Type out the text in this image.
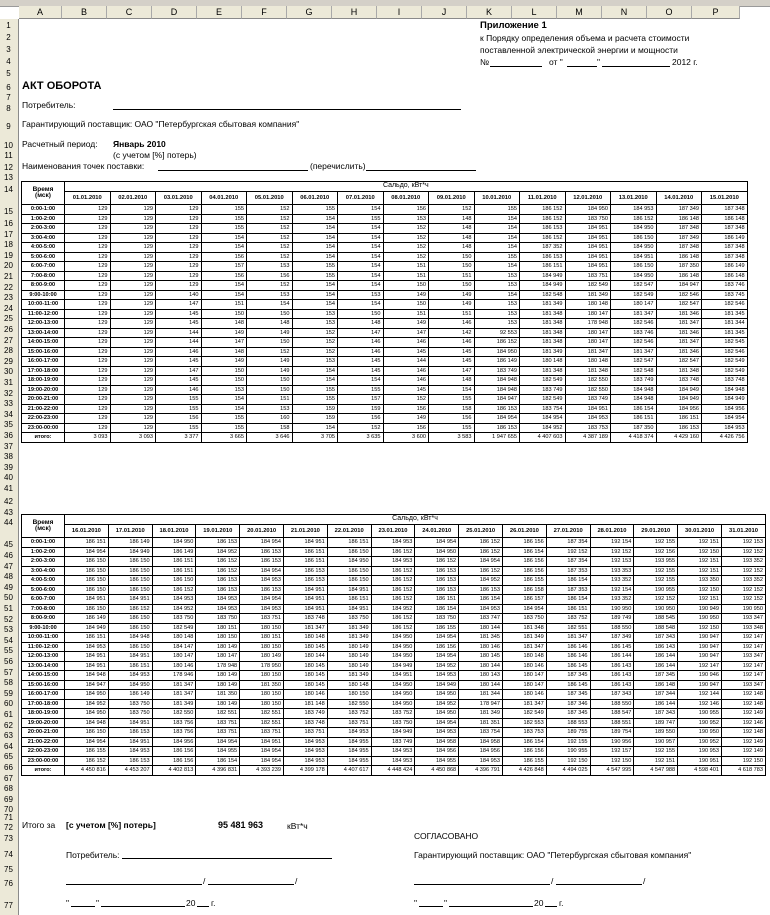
A	B	C	D	E	F	G	H	I	J	K	L	M	N	O	P
1
2
3
4
5
6
7
8
9
10
11
12
13
14
15
16
17
18
19
20
21
22
23
24
25
26
27
28
29
30
31
32
33
34
35
36
37
38
39
40
41
42
43
44
45
46
47
48
49
50
51
52
53
54
55
56
57
58
59
60
61
62
63
64
65
66
67
68
69
70
71
72
73
74
75
76
77
Приложение 1
к Порядку определения объема и расчета стоимости
поставленной электрической энергии и мощности
№	от "	"	2012 г.
АКТ ОБОРОТА
Потребитель:
Гарантирующий поставщик: ОАО "Петербургская сбытовая компания"
Расчетный период: Январь 2010
(с учетом [%] потерь)
Наименования точек поставки:	(перечислить)
Время (мск)	Сальдо, кВт*ч														
	01.01.2010	02.01.2010	03.01.2010	04.01.2010	05.01.2010	06.01.2010	07.01.2010	08.01.2010	09.01.2010	10.01.2010	11.01.2010	12.01.2010	13.01.2010	14.01.2010	15.01.2010
0:00-1:00	129	129	129	155	152	155	154	156	152	155	186 152	184 950	184 953	187 349	187 348
1:00-2:00	129	129	129	155	152	154	155	153	148	154	186 152	183 750	186 152	186 148	186 148
2:00-3:00	129	129	129	155	152	154	154	152	148	154	186 153	184 951	184 950	187 348	187 348
3:00-4:00	129	129	129	154	152	154	154	152	148	154	186 152	184 951	186 150	187 349	186 149
4:00-5:00	129	129	129	154	152	154	154	152	148	154	187 352	184 951	184 950	187 348	187 348
5:00-6:00	129	129	129	156	152	154	154	152	150	155	186 153	184 951	184 951	186 148	187 348
6:00-7:00	129	129	129	157	153	155	154	151	150	154	186 151	184 951	186 150	187 350	186 149
7:00-8:00	129	129	129	156	156	155	154	151	151	153	184 949	183 751	184 950	186 148	186 148
8:00-9:00	129	129	129	154	152	154	154	150	150	153	184 949	182 549	182 547	184 947	183 746
9:00-10:00	129	129	140	154	153	154	153	149	149	154	182 548	181 349	182 549	182 546	183 745
10:00-11:00	129	129	147	151	154	154	154	150	149	153	181 349	180 148	180 147	182 547	182 546
11:00-12:00	129	129	145	150	150	153	150	151	151	153	181 348	180 147	181 347	181 346	181 345
12:00-13:00	129	129	145	148	148	153	148	149	146	153	181 348	178 948	182 546	181 347	181 344
13:00-14:00	129	129	144	149	149	152	147	147	142	92 553	181 348	180 147	183 746	181 346	181 345
14:00-15:00	129	129	144	147	150	152	146	146	146	186 152	181 348	180 147	182 546	181 347	182 545
15:00-16:00	129	129	146	148	152	152	146	145	145	184 950	181 349	181 347	181 347	181 346	182 546
16:00-17:00	129	129	145	149	149	153	145	144	145	186 149	180 148	180 148	182 547	182 547	182 549
17:00-18:00	129	129	147	150	149	154	145	146	147	183 749	181 348	181 348	182 548	181 348	182 549
18:00-19:00	129	129	145	150	150	154	154	146	148	184 948	182 549	182 550	183 749	183 748	183 748
19:00-20:00	129	129	146	153	150	155	155	145	154	184 948	183 749	182 550	184 948	184 949	184 948
20:00-21:00	129	129	155	154	151	155	157	152	155	184 947	182 549	183 749	184 948	184 949	184 949
21:00-22:00	129	129	155	154	153	159	159	156	158	186 153	183 754	184 951	186 154	184 956	184 956
22:00-23:00	129	129	156	155	160	159	156	149	156	184 954	184 954	184 953	186 151	186 151	184 954
23:00-00:00	129	129	155	155	158	154	152	156	155	186 153	184 952	183 753	187 350	186 153	184 953
итого:	3 093	3 093	3 377	3 665	3 646	3 705	3 635	3 600	3 583	1 947 655	4 407 603	4 387 189	4 418 374	4 429 160	4 426 756
Время (мск)	Сальдо, кВт*ч															
	16.01.2010	17.01.2010	18.01.2010	19.01.2010	20.01.2010	21.01.2010	22.01.2010	23.01.2010	24.01.2010	25.01.2010	26.01.2010	27.01.2010	28.01.2010	29.01.2010	30.01.2010	31.01.2010
0:00-1:00	186 151	186 149	184 950	186 153	184 954	184 951	186 151	184 953	184 954	186 152	186 156	187 354	192 154	192 155	192 151	192 153
1:00-2:00	184 954	184 949	186 149	184 952	186 153	186 151	186 150	186 152	184 950	186 152	186 154	192 152	192 152	192 156	192 150	192 152
2:00-3:00	186 150	186 150	186 151	186 152	186 153	186 151	184 950	184 953	186 152	184 954	186 156	187 354	192 153	193 955	192 151	193 352
3:00-4:00	186 150	186 150	186 151	186 152	184 954	186 153	186 150	186 152	186 153	186 152	186 156	187 353	193 353	192 155	192 151	192 152
4:00-5:00	186 150	186 150	186 150	186 153	184 953	186 153	186 150	186 152	186 153	184 952	186 155	186 154	193 352	192 155	193 350	193 352
5:00-6:00	186 150	186 150	186 152	186 153	186 153	184 951	184 951	186 152	186 153	186 153	186 158	187 353	192 154	190 955	192 150	192 152
6:00-7:00	184 951	184 951	184 953	184 953	184 954	184 951	186 151	186 152	186 151	186 154	186 157	186 154	193 352	192 152	192 151	192 152
7:00-8:00	186 150	186 152	184 952	184 953	184 953	184 951	184 951	184 952	186 154	184 953	184 954	186 151	190 950	190 950	190 949	190 950
8:00-9:00	186 149	186 150	183 750	183 750	183 751	183 748	183 750	186 152	183 750	183 747	183 750	183 752	189 749	188 545	190 950	193 347
9:00-10:00	184 949	186 150	182 549	180 151	180 150	181 347	181 349	186 152	186 155	180 144	181 348	182 551	188 550	188 548	192 150	193 348
10:00-11:00	186 151	184 948	180 148	180 150	180 151	180 148	181 349	184 950	184 954	181 345	181 349	181 347	187 349	187 343	190 947	192 147
11:00-12:00	184 953	186 150	184 147	180 149	180 150	180 145	180 149	184 950	186 156	180 146	181 347	186 146	186 145	186 143	190 947	192 147
12:00-13:00	184 951	184 951	180 147	180 147	180 149	180 144	180 149	184 950	184 954	180 145	180 148	186 146	186 144	186 144	190 947	193 347
13:00-14:00	184 951	186 151	180 146	178 948	178 950	180 145	180 149	184 949	184 952	180 144	180 146	186 145	186 143	186 144	192 147	192 147
14:00-15:00	184 948	184 953	178 946	180 149	180 150	180 145	181 349	184 951	184 953	180 143	180 147	187 345	186 143	187 345	190 946	192 147
15:00-16:00	184 947	184 950	181 347	180 149	181 350	180 145	180 148	184 950	184 949	180 144	180 147	186 145	186 143	186 148	190 947	193 347
16:00-17:00	184 950	186 149	181 347	181 350	180 150	180 146	180 150	184 950	184 950	181 344	180 146	187 345	187 343	187 344	192 144	192 148
17:00-18:00	184 952	183 750	181 349	180 149	180 150	181 148	182 550	184 950	184 952	178 947	181 347	187 346	188 550	186 144	192 146	192 148
18:00-19:00	184 950	183 750	182 550	182 551	182 551	183 749	183 752	183 752	184 950	181 349	182 549	187 345	188 547	187 343	190 955	192 149
19:00-20:00	184 948	184 951	183 756	183 751	182 551	183 748	183 751	183 750	184 954	181 351	182 553	188 553	188 551	189 747	190 952	192 146
20:00-21:00	186 150	186 153	183 756	183 751	183 751	183 751	184 953	184 949	184 953	183 754	183 753	189 755	189 754	189 550	190 950	192 148
21:00-22:00	184 954	184 951	184 956	184 954	184 951	184 953	184 955	183 749	184 958	184 958	186 154	192 155	190 956	190 957	190 952	192 149
22:00-23:00	186 155	184 953	186 156	184 955	184 954	184 953	184 955	184 953	184 956	184 956	186 156	190 955	192 157	192 155	190 953	192 149
23:00-00:00	186 152	186 153	186 156	186 154	184 954	184 953	184 955	184 953	184 955	184 953	186 155	192 150	192 150	192 151	190 951	192 150
итого:	4 450 816	4 453 207	4 402 813	4 396 831	4 393 239	4 399 178	4 407 617	4 448 424	4 450 868	4 396 791	4 426 848	4 494 025	4 547 995	4 547 988	4 598 401	4 618 783
Итого за [с учетом [%] потерь]	95 481 963	кВт*ч
СОГЛАСОВАНО
Потребитель:	Гарантирующий поставщик: ОАО "Петербургская сбытовая компания"
/	/	/	/
"	"	20 г.	"	"	20 г.
